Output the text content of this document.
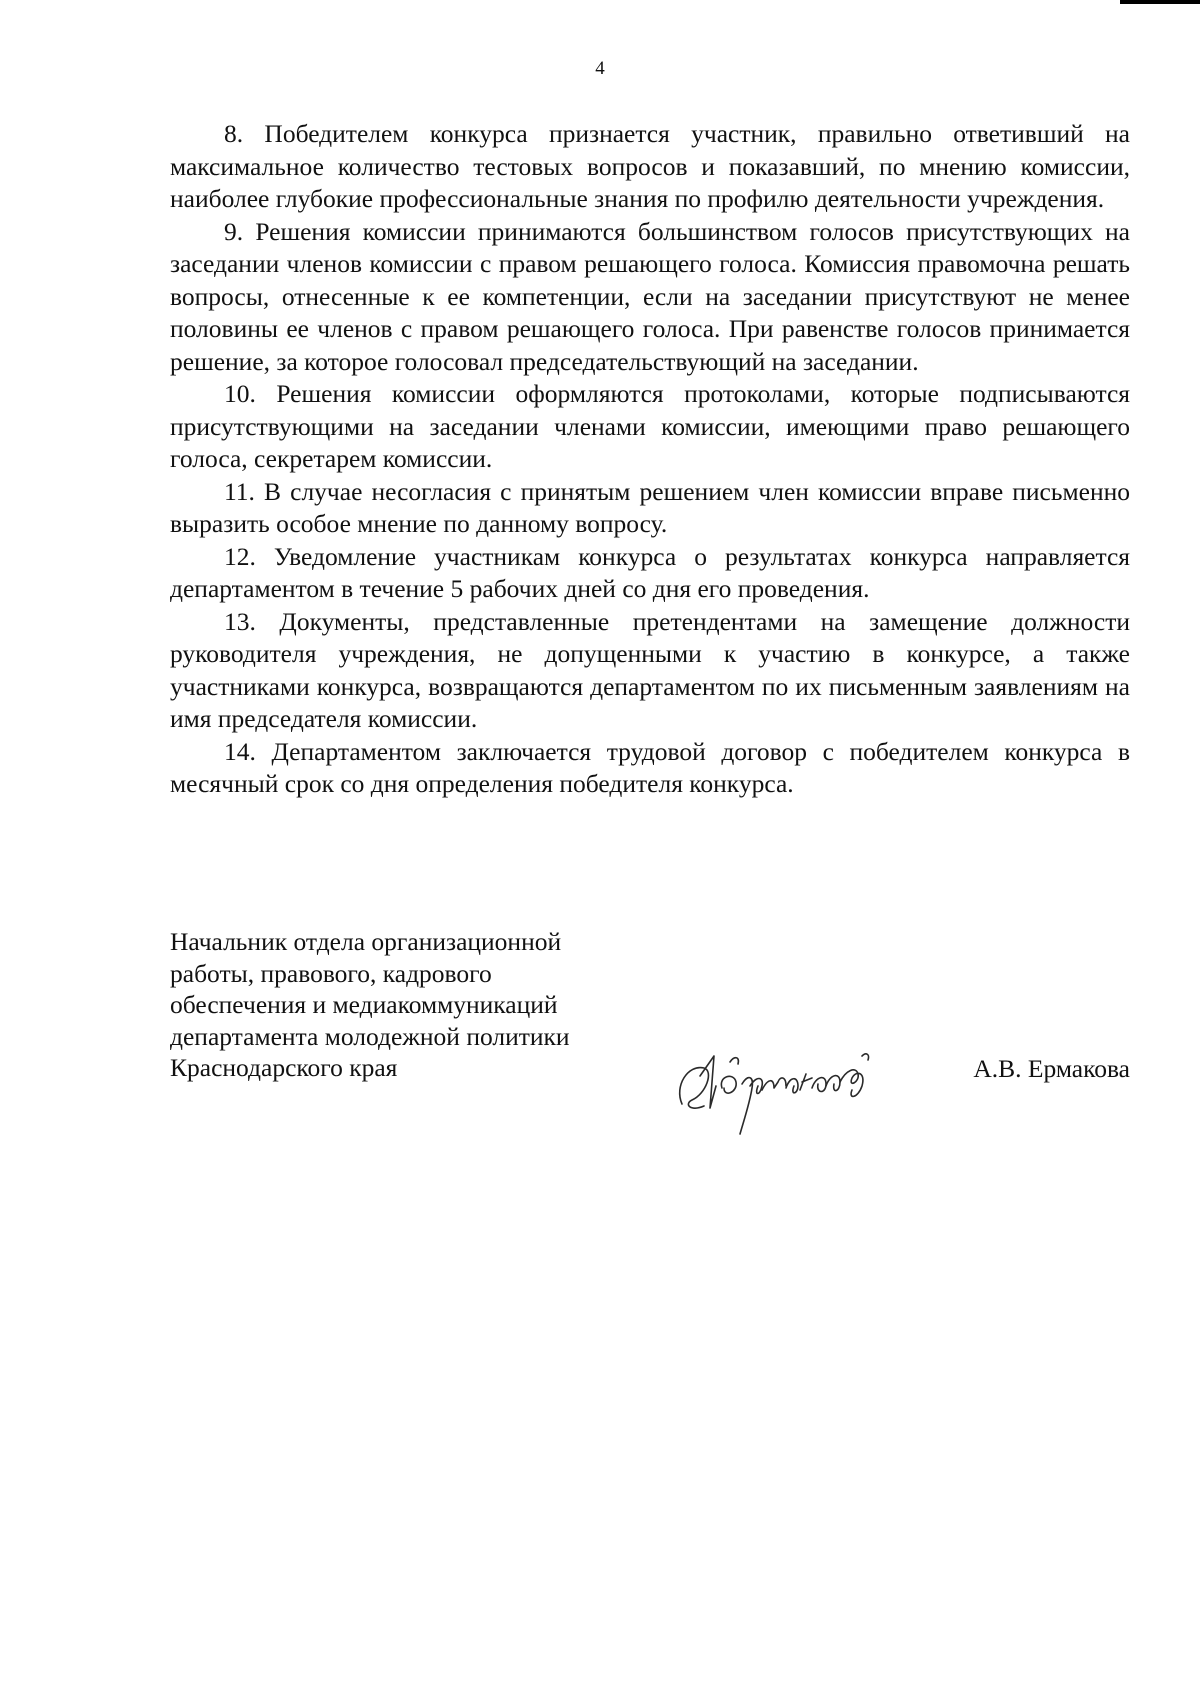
4

8. Победителем конкурса признается участник, правильно ответивший на максимальное количество тестовых вопросов и показавший, по мнению комиссии, наиболее глубокие профессиональные знания по профилю деятельности учреждения.

9. Решения комиссии принимаются большинством голосов присутствующих на заседании членов комиссии с правом решающего голоса. Комиссия правомочна решать вопросы, отнесенные к ее компетенции, если на заседании присутствуют не менее половины ее членов с правом решающего голоса. При равенстве голосов принимается решение, за которое голосовал председательствующий на заседании.

10. Решения комиссии оформляются протоколами, которые подписываются присутствующими на заседании членами комиссии, имеющими право решающего голоса, секретарем комиссии.

11. В случае несогласия с принятым решением член комиссии вправе письменно выразить особое мнение по данному вопросу.

12. Уведомление участникам конкурса о результатах конкурса направляется департаментом в течение 5 рабочих дней со дня его проведения.

13. Документы, представленные претендентами на замещение должности руководителя учреждения, не допущенными к участию в конкурсе, а также участниками конкурса, возвращаются департаментом по их письменным заявлениям на имя председателя комиссии.

14. Департаментом заключается трудовой договор с победителем конкурса в месячный срок со дня определения победителя конкурса.

Начальник отдела организационной
работы, правового, кадрового
обеспечения и медиакоммуникаций
департамента молодежной политики
Краснодарского края	А.В. Ермакова
